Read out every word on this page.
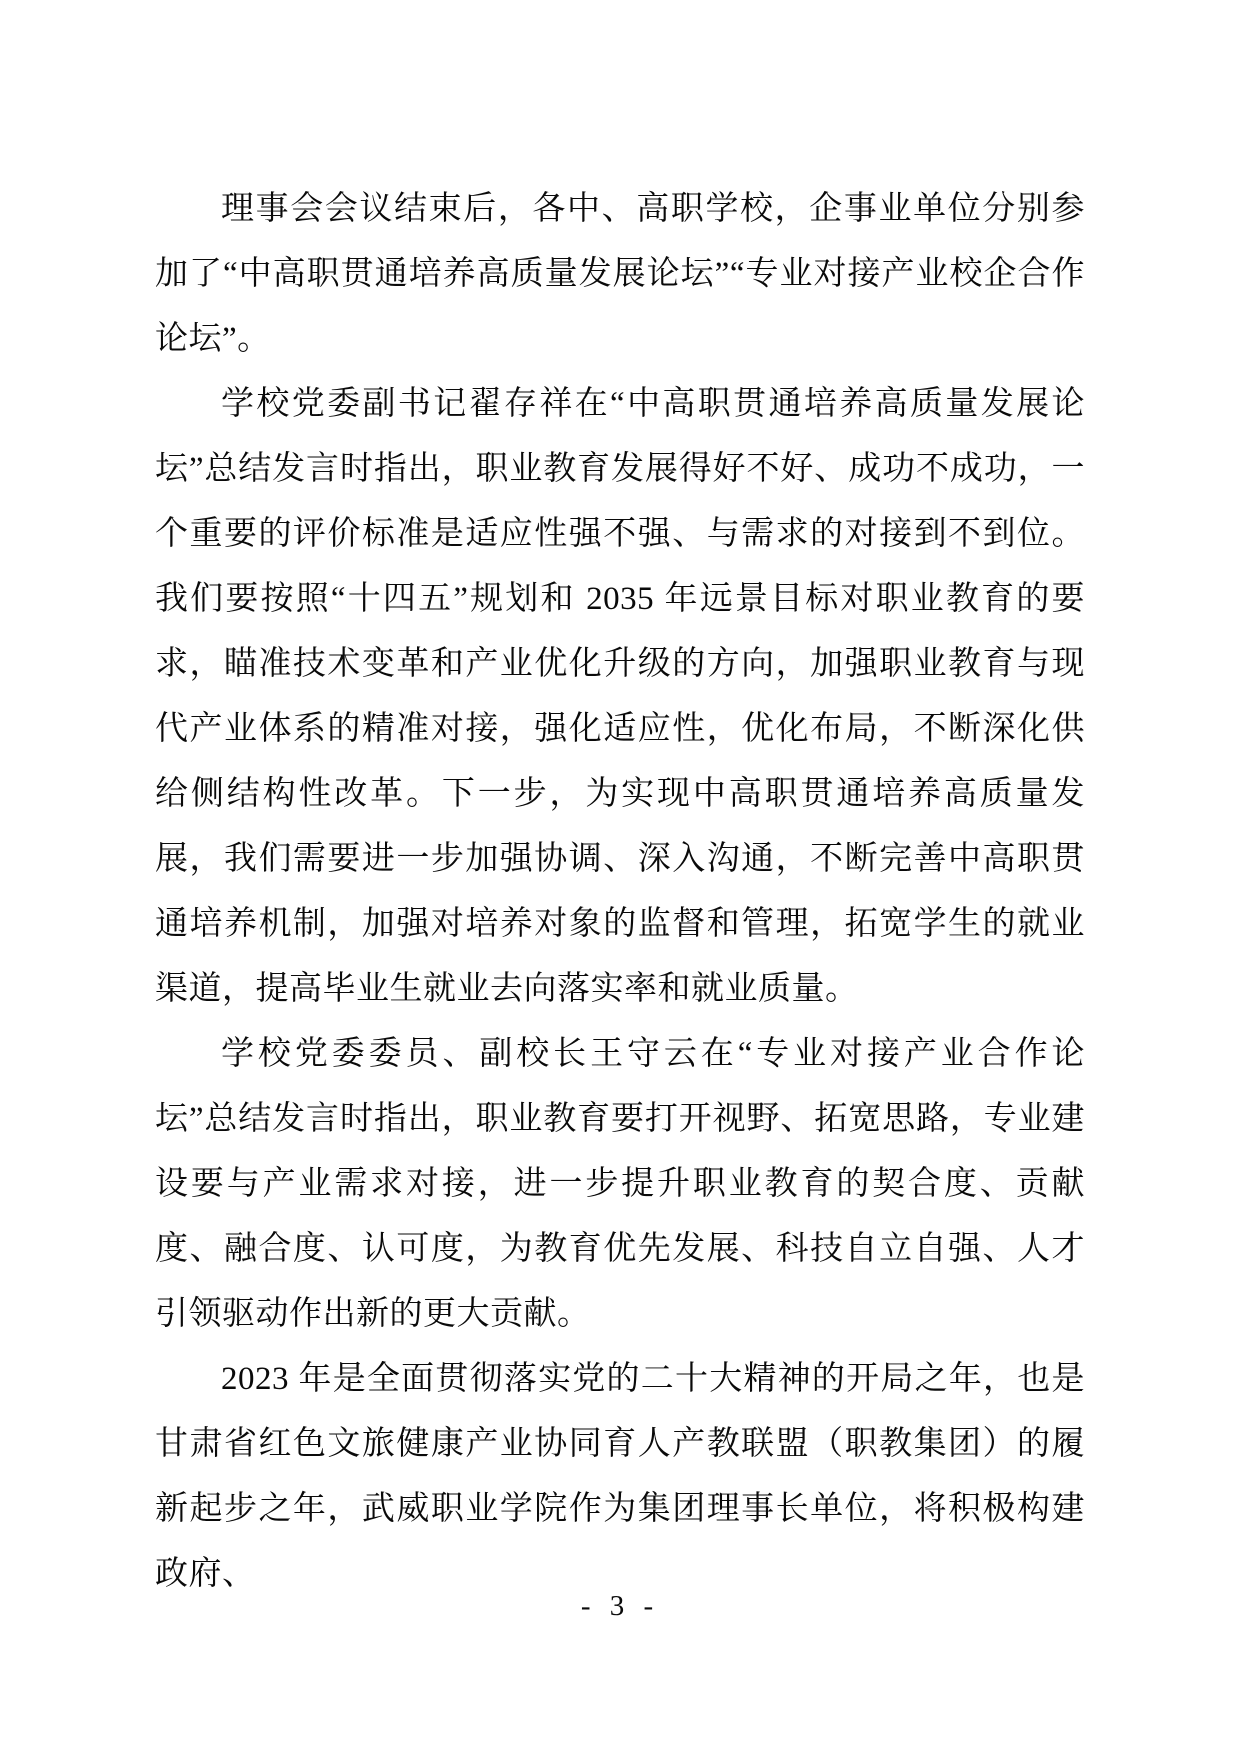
理事会会议结束后，各中、高职学校，企事业单位分别参加了“中高职贯通培养高质量发展论坛”“专业对接产业校企合作论坛”。

学校党委副书记翟存祥在“中高职贯通培养高质量发展论坛”总结发言时指出，职业教育发展得好不好、成功不成功，一个重要的评价标准是适应性强不强、与需求的对接到不到位。我们要按照“十四五”规划和 2035 年远景目标对职业教育的要求，瞄准技术变革和产业优化升级的方向，加强职业教育与现代产业体系的精准对接，强化适应性，优化布局，不断深化供给侧结构性改革。下一步，为实现中高职贯通培养高质量发展，我们需要进一步加强协调、深入沟通，不断完善中高职贯通培养机制，加强对培养对象的监督和管理，拓宽学生的就业渠道，提高毕业生就业去向落实率和就业质量。

学校党委委员、副校长王守云在“专业对接产业合作论坛”总结发言时指出，职业教育要打开视野、拓宽思路，专业建设要与产业需求对接，进一步提升职业教育的契合度、贡献度、融合度、认可度，为教育优先发展、科技自立自强、人才引领驱动作出新的更大贡献。

2023 年是全面贯彻落实党的二十大精神的开局之年，也是甘肃省红色文旅健康产业协同育人产教联盟（职教集团）的履新起步之年，武威职业学院作为集团理事长单位，将积极构建政府、

- 3 -
